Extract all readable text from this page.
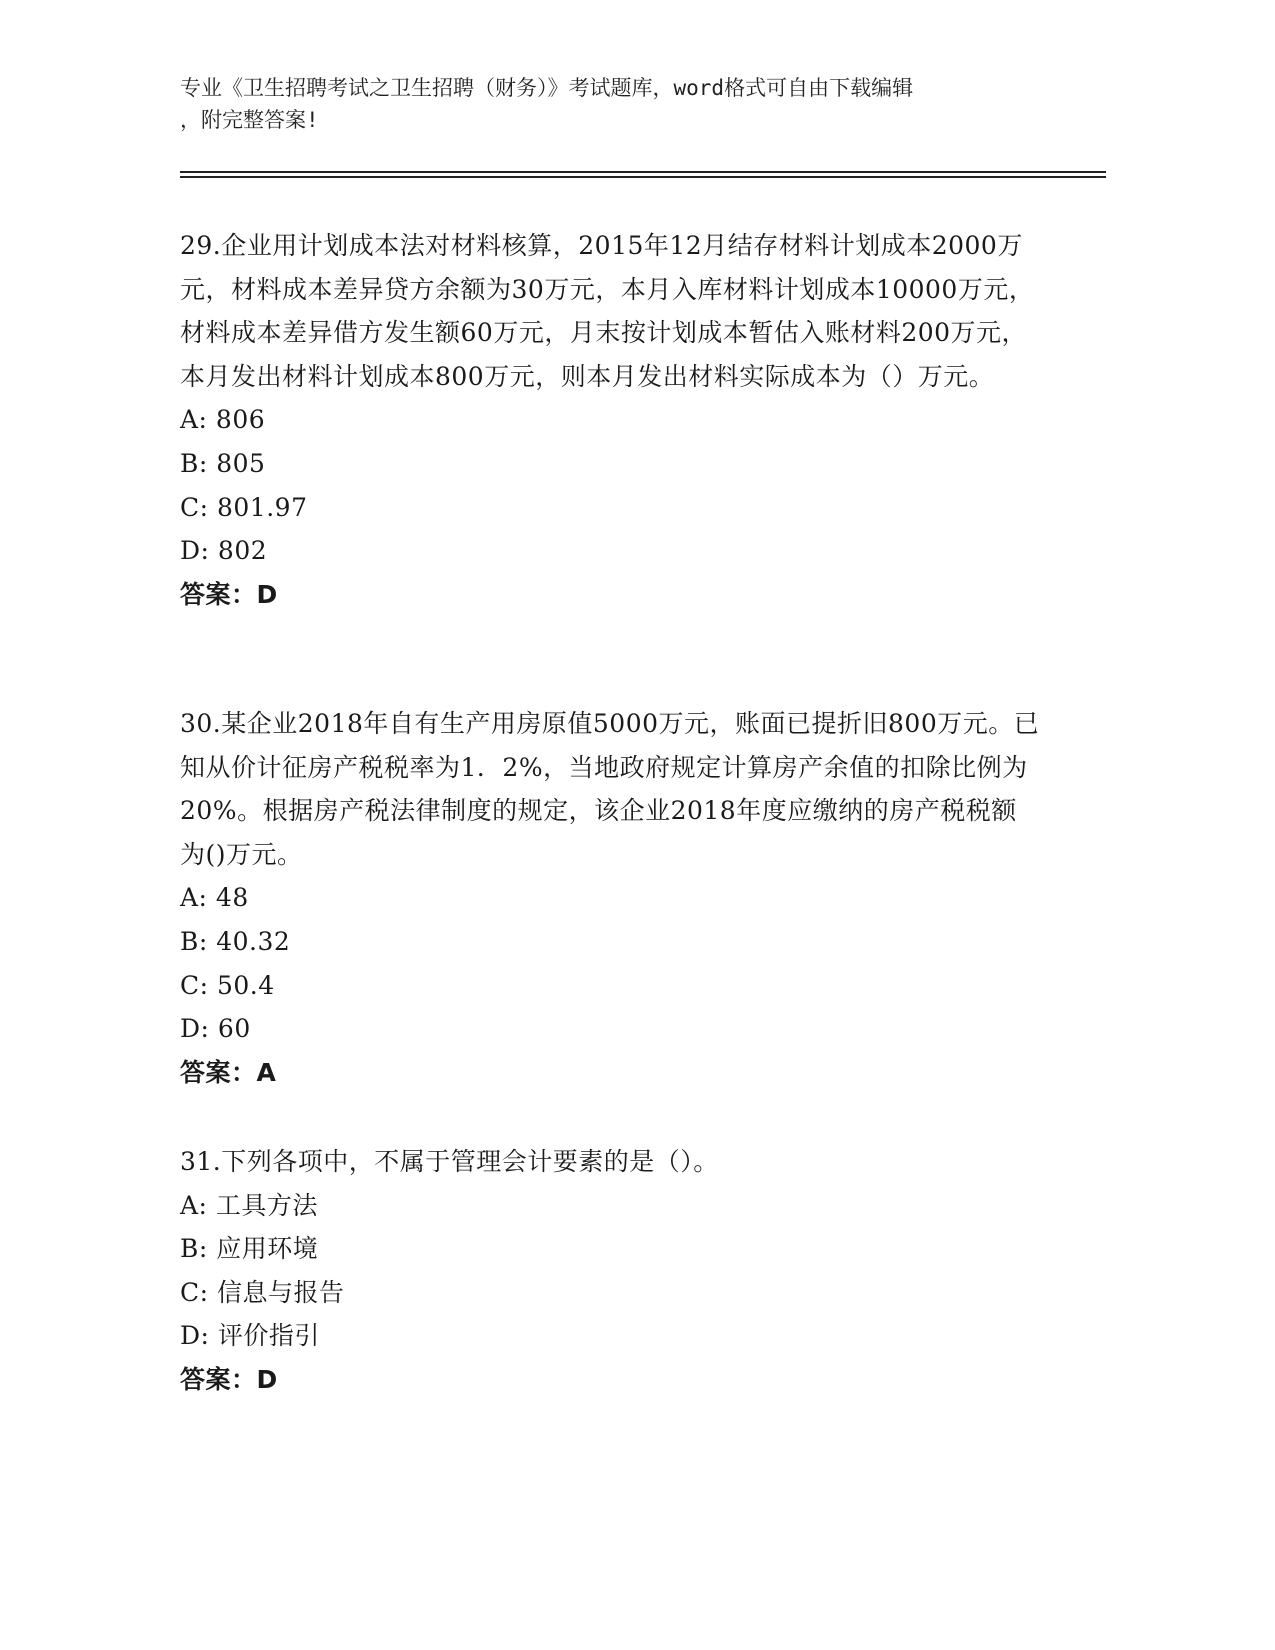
专业《卫生招聘考试之卫生招聘（财务）》考试题库，word格式可自由下载编辑
，附完整答案!

29.企业用计划成本法对材料核算，2015年12月结存材料计划成本2000万元，材料成本差异贷方余额为30万元，本月入库材料计划成本10000万元，材料成本差异借方发生额60万元，月末按计划成本暂估入账材料200万元，本月发出材料计划成本800万元，则本月发出材料实际成本为（）万元。

A: 806

B: 805

C: 801.97

D: 802

答案：D

30.某企业2018年自有生产用房原值5000万元，账面已提折旧800万元。已知从价计征房产税税率为1．2%，当地政府规定计算房产余值的扣除比例为20%。根据房产税法律制度的规定，该企业2018年度应缴纳的房产税税额为()万元。

A: 48

B: 40.32

C: 50.4

D: 60

答案：A

31.下列各项中，不属于管理会计要素的是（）。

A: 工具方法

B: 应用环境

C: 信息与报告

D: 评价指引

答案：D
